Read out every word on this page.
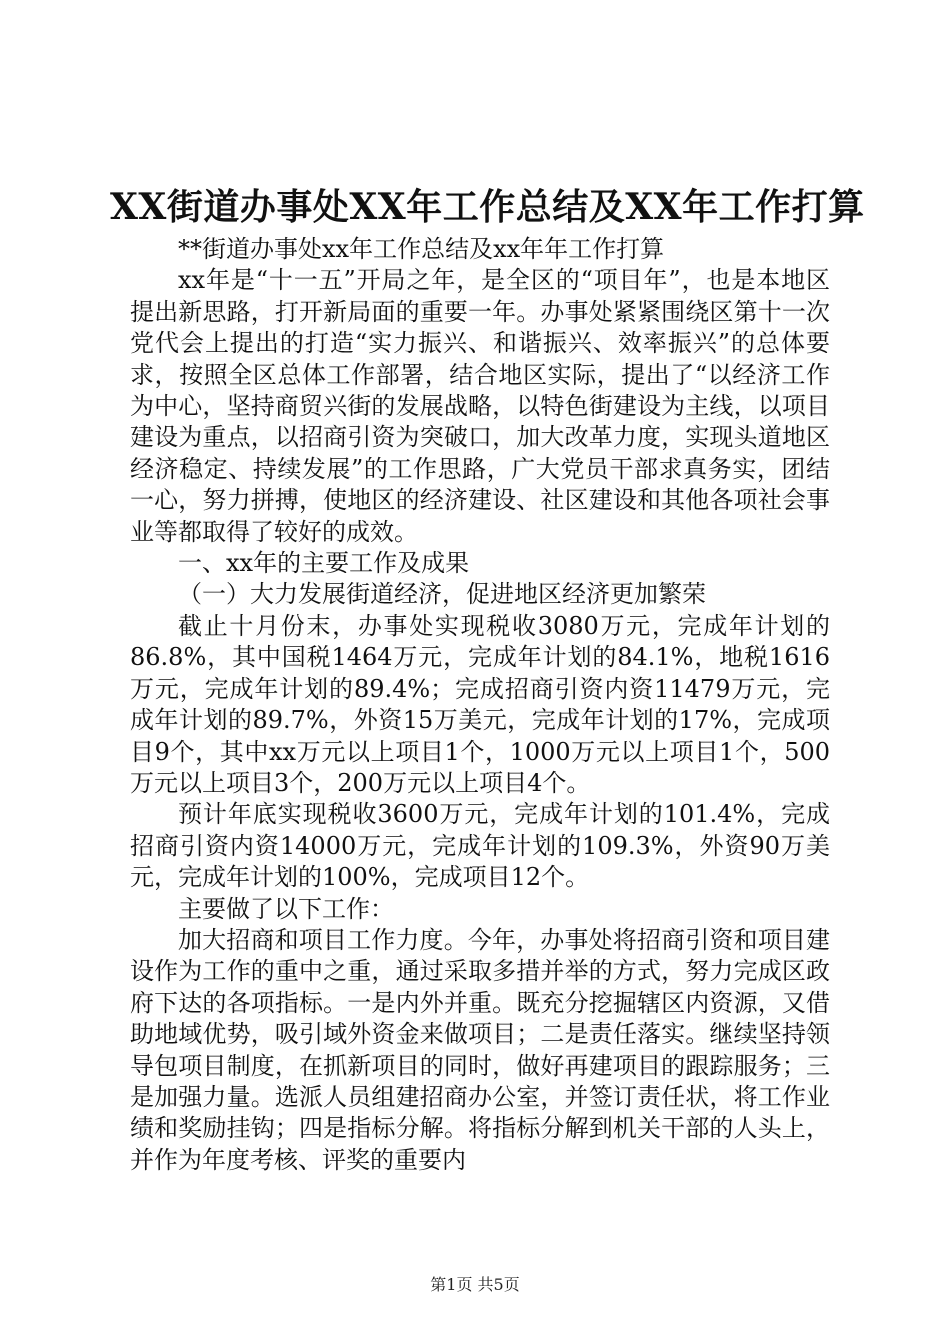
XX街道办事处XX年工作总结及XX年工作打算

**街道办事处xx年工作总结及xx年年工作打算

xx年是“十一五”开局之年，是全区的“项目年”，也是本地区提出新思路，打开新局面的重要一年。办事处紧紧围绕区第十一次党代会上提出的打造“实力振兴、和谐振兴、效率振兴”的总体要求，按照全区总体工作部署，结合地区实际，提出了“以经济工作为中心，坚持商贸兴街的发展战略，以特色街建设为主线，以项目建设为重点，以招商引资为突破口，加大改革力度，实现头道地区经济稳定、持续发展”的工作思路，广大党员干部求真务实，团结一心，努力拼搏，使地区的经济建设、社区建设和其他各项社会事业等都取得了较好的成效。

一、xx年的主要工作及成果

（一）大力发展街道经济，促进地区经济更加繁荣

截止十月份末，办事处实现税收3080万元，完成年计划的86.8%，其中国税1464万元，完成年计划的84.1%，地税1616万元，完成年计划的89.4%；完成招商引资内资11479万元，完成年计划的89.7%，外资15万美元，完成年计划的17%，完成项目9个，其中xx万元以上项目1个，1000万元以上项目1个，500万元以上项目3个，200万元以上项目4个。

预计年底实现税收3600万元，完成年计划的101.4%，完成招商引资内资14000万元，完成年计划的109.3%，外资90万美元，完成年计划的100%，完成项目12个。

主要做了以下工作：

加大招商和项目工作力度。今年，办事处将招商引资和项目建设作为工作的重中之重，通过采取多措并举的方式，努力完成区政府下达的各项指标。一是内外并重。既充分挖掘辖区内资源，又借助地域优势，吸引域外资金来做项目；二是责任落实。继续坚持领导包项目制度，在抓新项目的同时，做好再建项目的跟踪服务；三是加强力量。选派人员组建招商办公室，并签订责任状，将工作业绩和奖励挂钩；四是指标分解。将指标分解到机关干部的人头上，并作为年度考核、评奖的重要内

第1页 共5页
